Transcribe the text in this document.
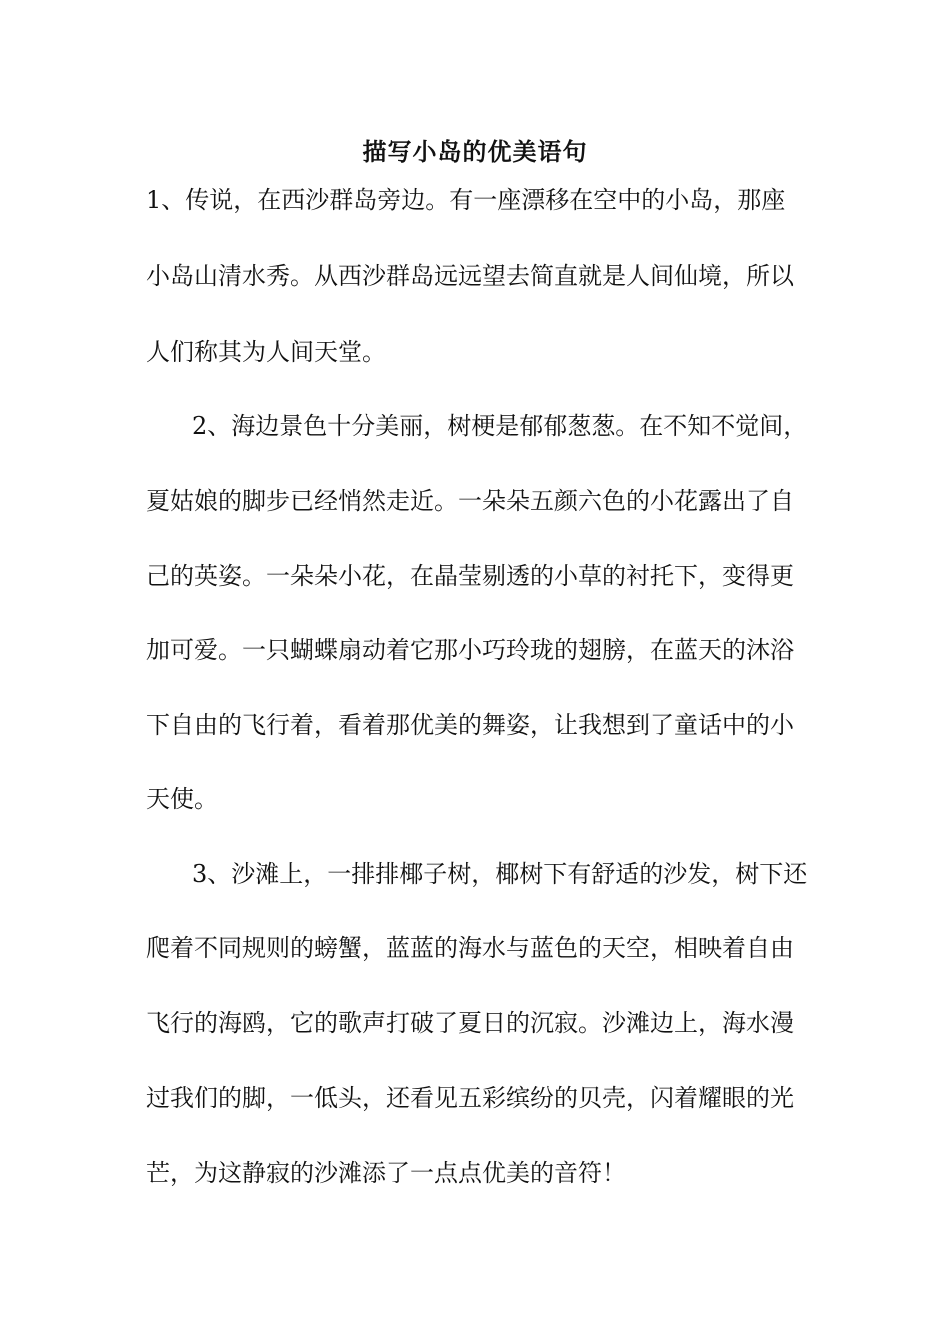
描写小岛的优美语句
1、传说，在西沙群岛旁边。有一座漂移在空中的小岛，那座
小岛山清水秀。从西沙群岛远远望去简直就是人间仙境，所以
人们称其为人间天堂。
2、海边景色十分美丽，树梗是郁郁葱葱。在不知不觉间，
夏姑娘的脚步已经悄然走近。一朵朵五颜六色的小花露出了自
己的英姿。一朵朵小花，在晶莹剔透的小草的衬托下，变得更
加可爱。一只蝴蝶扇动着它那小巧玲珑的翅膀，在蓝天的沐浴
下自由的飞行着，看着那优美的舞姿，让我想到了童话中的小
天使。
3、沙滩上，一排排椰子树，椰树下有舒适的沙发，树下还
爬着不同规则的螃蟹，蓝蓝的海水与蓝色的天空，相映着自由
飞行的海鸥，它的歌声打破了夏日的沉寂。沙滩边上，海水漫
过我们的脚，一低头，还看见五彩缤纷的贝壳，闪着耀眼的光
芒，为这静寂的沙滩添了一点点优美的音符！
